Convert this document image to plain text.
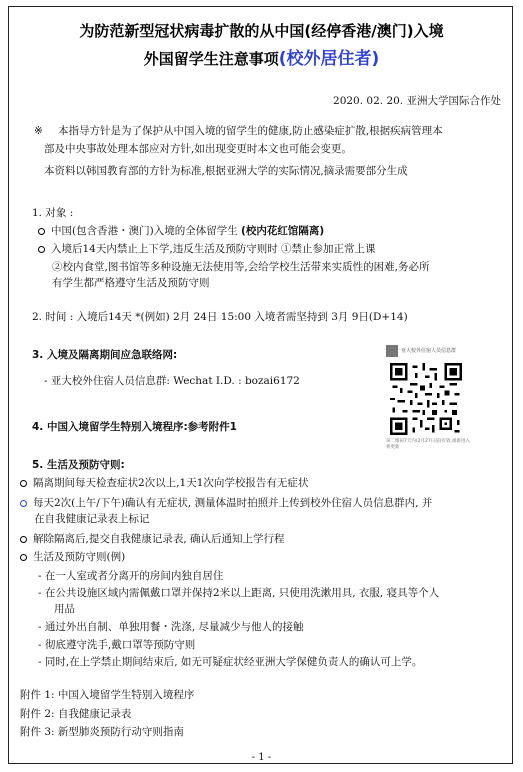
为防范新型冠状病毒扩散的从中国(经停香港/澳门)入境
外国留学生注意事项(校外居住者)
2020. 02. 20. 亚洲大学国际合作处
※ 本指导方针是为了保护从中国入境的留学生的健康,防止感染症扩散,根据疾病管理本
部及中央事故处理本部应对方针,如出现变更时本文也可能会变更。
本资料以韩国教育部的方针为标准,根据亚洲大学的实际情况,摘录需要部分生成
1. 对象 :
中国(包含香港・澳门)入境的全体留学生 (校内花红馆隔离)
入境后14天内禁止上下学,违反生活及预防守则时 ①禁止参加正常上课
②校内食堂,图书馆等多种设施无法使用等,会给学校生活带来实质性的困难,务必所
有学生都严格遵守生活及预防守则
2. 时间 : 入境后14天 *(例如) 2月 24日 15:00 入境者需坚持到 3月 9日(D+14)
3. 入境及隔离期间应急联络网:
- 亚大校外住宿人员信息群: Wechat I.D. : bozai6172
亚大校外住宿人员信息群
该二维码7天内(2月27日前)有效,重新进入将更新
4. 中国入境留学生特别入境程序:参考附件1
5. 生活及预防守则:
隔离期间每天检查症状2次以上,1天1次向学校报告有无症状
每天2次(上午/下午)确认有无症状, 测量体温时拍照并上传到校外住宿人员信息群内, 并
在自我健康记录表上标记
解除隔离后,提交自我健康记录表, 确认后通知上学行程
生活及预防守则(例)
- 在一人室或者分离开的房间内独自居住
- 在公共设施区域内需佩戴口罩并保持2米以上距离, 只使用洗漱用具, 衣服, 寝具等个人
用品
- 通过外出自制、单独用餐・洗涤, 尽量减少与他人的接触
- 彻底遵守洗手,戴口罩等预防守则
- 同时,在上学禁止期间结束后, 如无可疑症状经亚洲大学保健负责人的确认可上学。
附件 1: 中国入境留学生特别入境程序
附件 2: 自我健康记录表
附件 3: 新型肺炎预防行动守则指南
- 1 -
